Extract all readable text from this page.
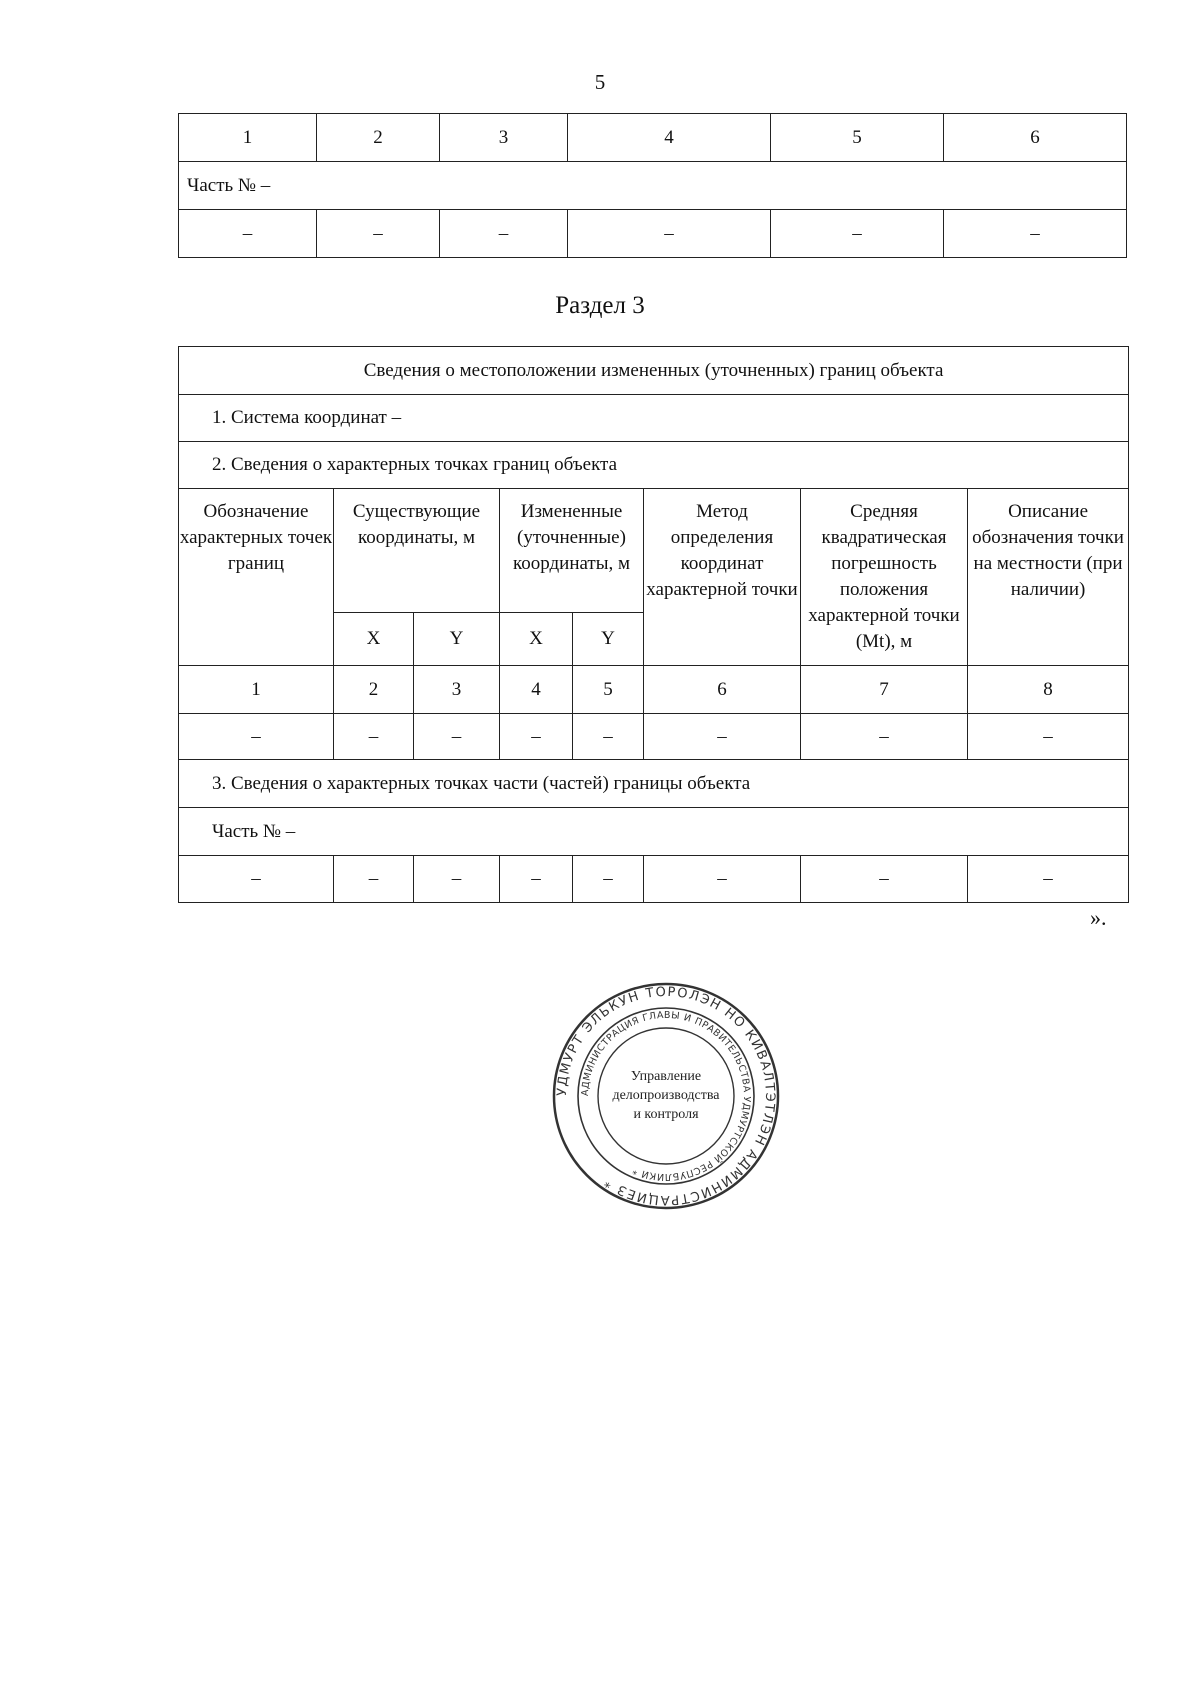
5
1	2	3	4	5	6
Часть № –					
–	–	–	–	–	–
Раздел 3
Сведения о местоположении измененных (уточненных) границ объекта							
1. Система координат –							
2. Сведения о характерных точках границ объекта							
Обозначение характерных точек границ	Существующие координаты, м		Измененные (уточненные) координаты, м		Метод определения координат характерной точки	Средняя квадратическая погрешность положения характерной точки (Mt), м	Описание обозначения точки на местности (при наличии)
	X	Y	X	Y			
1	2	3	4	5	6	7	8
–	–	–	–	–	–	–	–
3. Сведения о характерных точках части (частей) границы объекта							
Часть № –							
–	–	–	–	–	–	–	–
».
УДМУРТ ЭЛЬКУН ТОРОЛЭН НО КИВАЛТЭТЛЭН АДМИНИСТРАЦИЕЗ *
АДМИНИСТРАЦИЯ ГЛАВЫ И ПРАВИТЕЛЬСТВА УДМУРТСКОЙ РЕСПУБЛИКИ *
Управление
делопроизводства
и контроля
